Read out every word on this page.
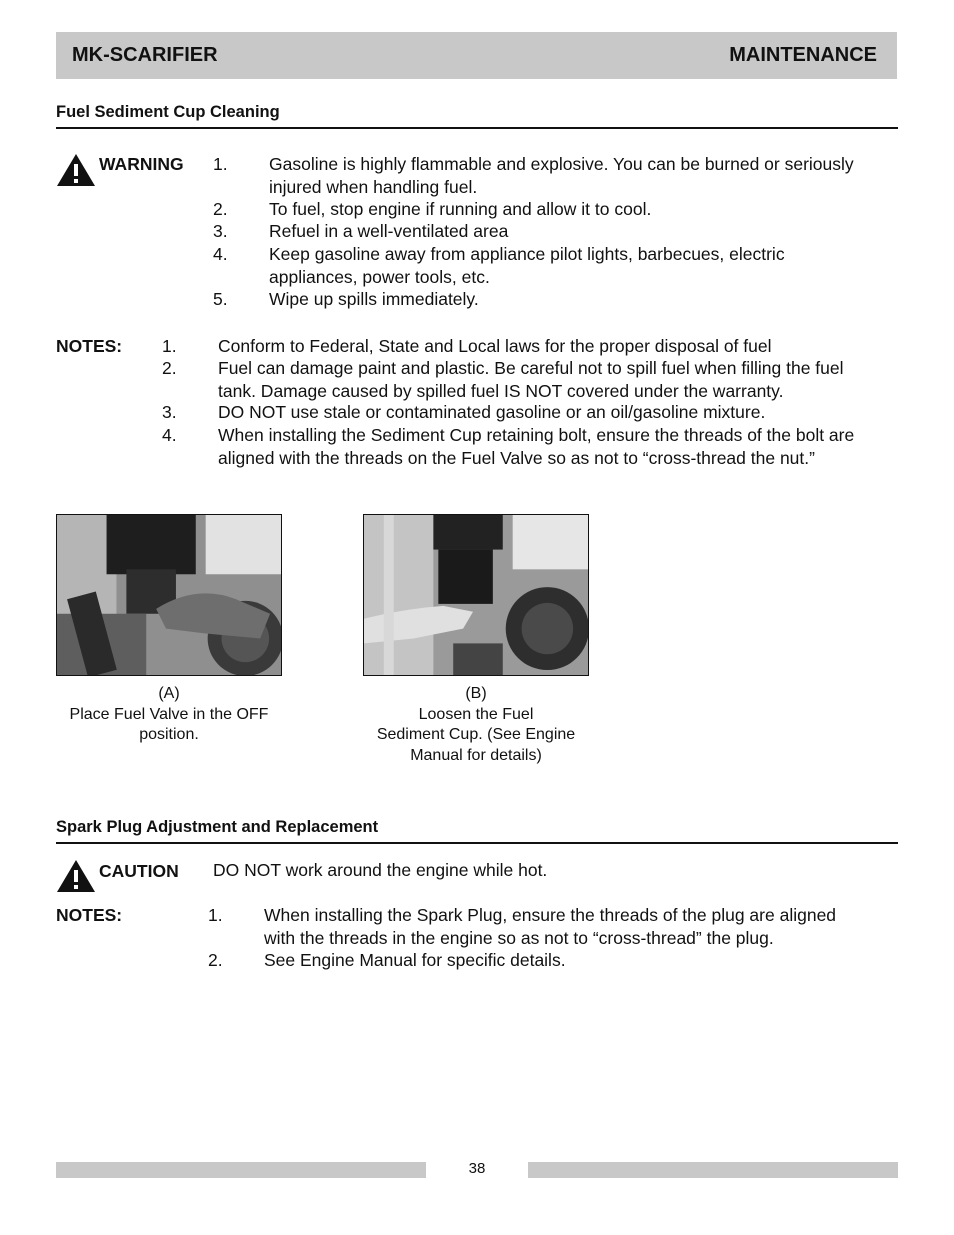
MK-SCARIFIER	MAINTENANCE
Fuel Sediment Cup Cleaning
WARNING 1. Gasoline is highly flammable and explosive. You can be burned or seriously
injured when handling fuel.
2. To fuel, stop engine if running and allow it to cool.
3. Refuel in a well-ventilated area
4. Keep gasoline away from appliance pilot lights, barbecues, electric
appliances, power tools, etc.
5. Wipe up spills immediately.
NOTES: 1. Conform to Federal, State and Local laws for the proper disposal of fuel
2. Fuel can damage paint and plastic. Be careful not to spill fuel when filling the fuel
tank. Damage caused by spilled fuel IS NOT covered under the warranty.
3. DO NOT use stale or contaminated gasoline or an oil/gasoline mixture.
4. When installing the Sediment Cup retaining bolt, ensure the threads of the bolt are
aligned with the threads on the Fuel Valve so as not to “cross-thread the nut.”
(A)
Place Fuel Valve in the OFF
position.
(B)
Loosen the Fuel
Sediment Cup. (See Engine
Manual for details)
Spark Plug Adjustment and Replacement
CAUTION DO NOT work around the engine while hot.
NOTES:	1. When installing the Spark Plug, ensure the threads of the plug are aligned
with the threads in the engine so as not to “cross-thread” the plug.
2. See Engine Manual for specific details.
38
